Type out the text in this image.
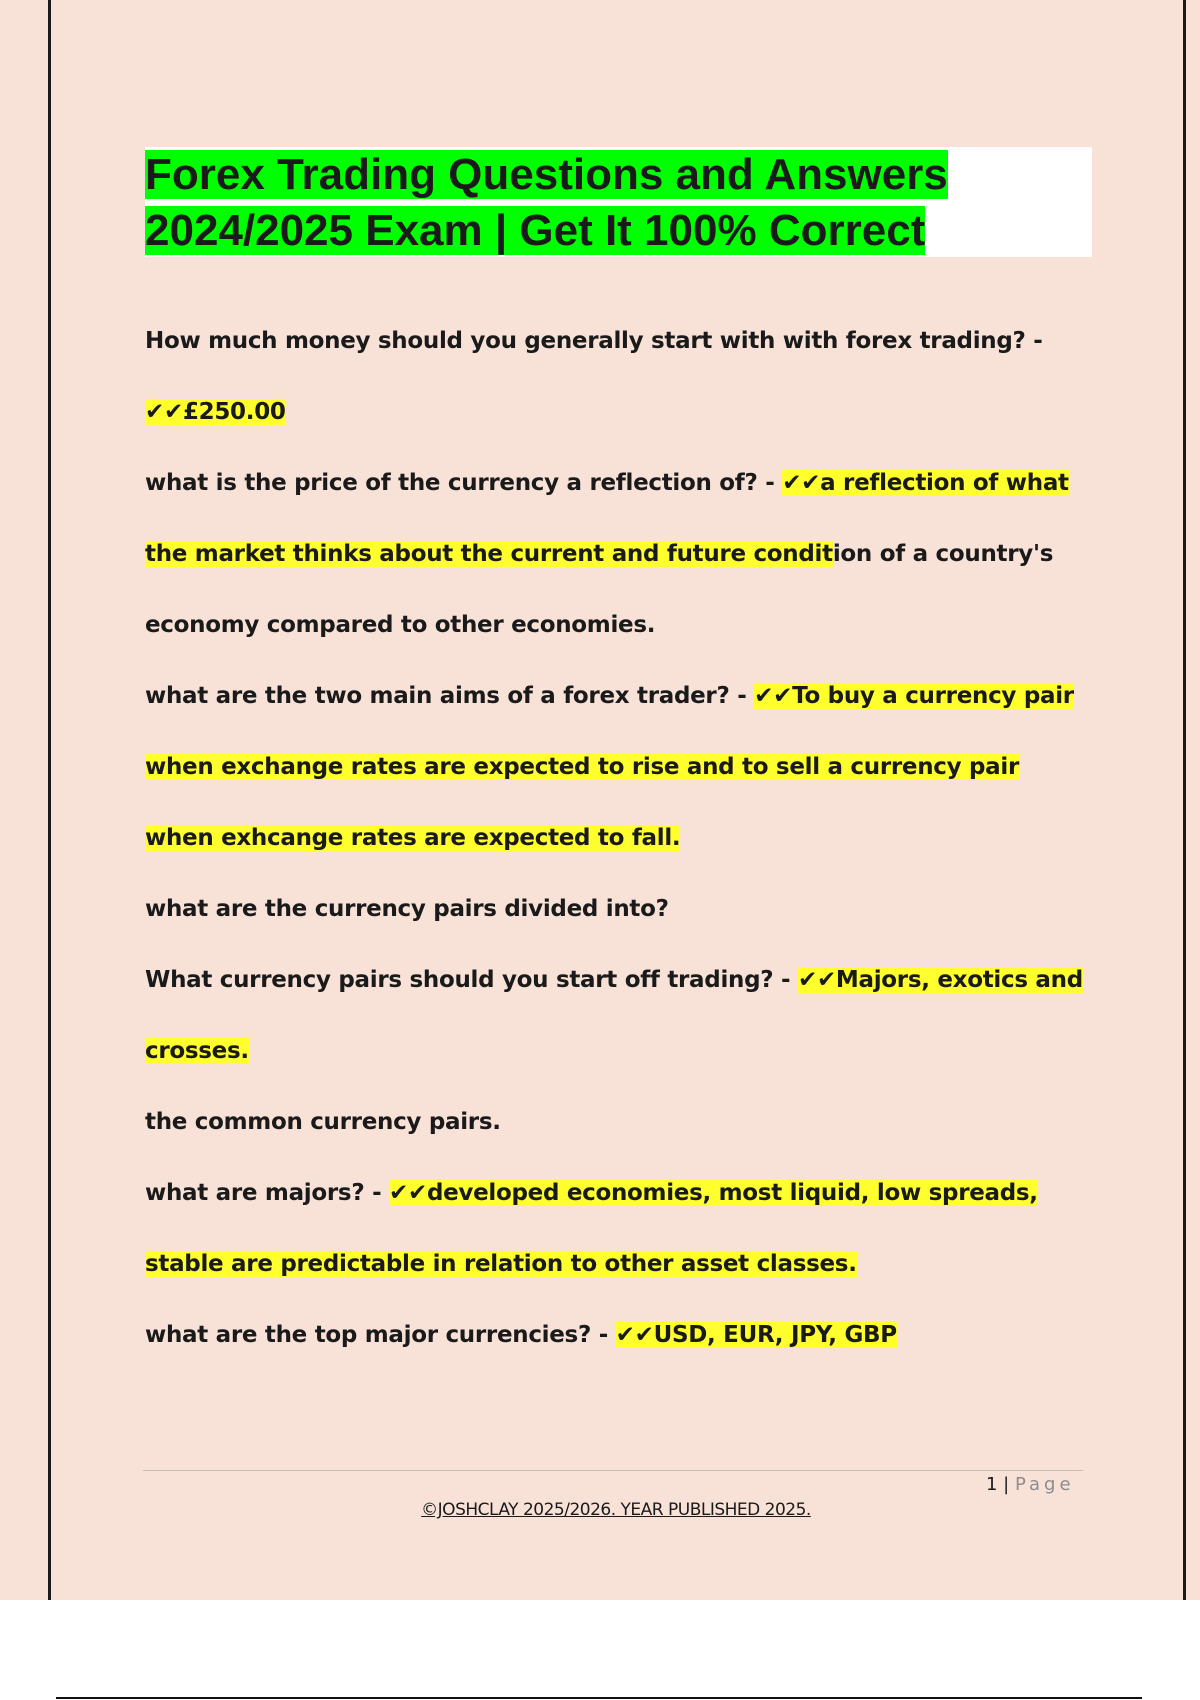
Forex Trading Questions and Answers
2024/2025 Exam | Get It 100% Correct

How much money should you generally start with with forex trading? -
✔✔£250.00

what is the price of the currency a reflection of? - ✔✔a reflection of what the market thinks about the current and future condition of a country's economy compared to other economies.

what are the two main aims of a forex trader? - ✔✔To buy a currency pair when exchange rates are expected to rise and to sell a currency pair when exhcange rates are expected to fall.

what are the currency pairs divided into?

What currency pairs should you start off trading? - ✔✔Majors, exotics and crosses.

the common currency pairs.

what are majors? - ✔✔developed economies, most liquid, low spreads, stable are predictable in relation to other asset classes.

what are the top major currencies? - ✔✔USD, EUR, JPY, GBP

1 | Page
©JOSHCLAY 2025/2026. YEAR PUBLISHED 2025.
